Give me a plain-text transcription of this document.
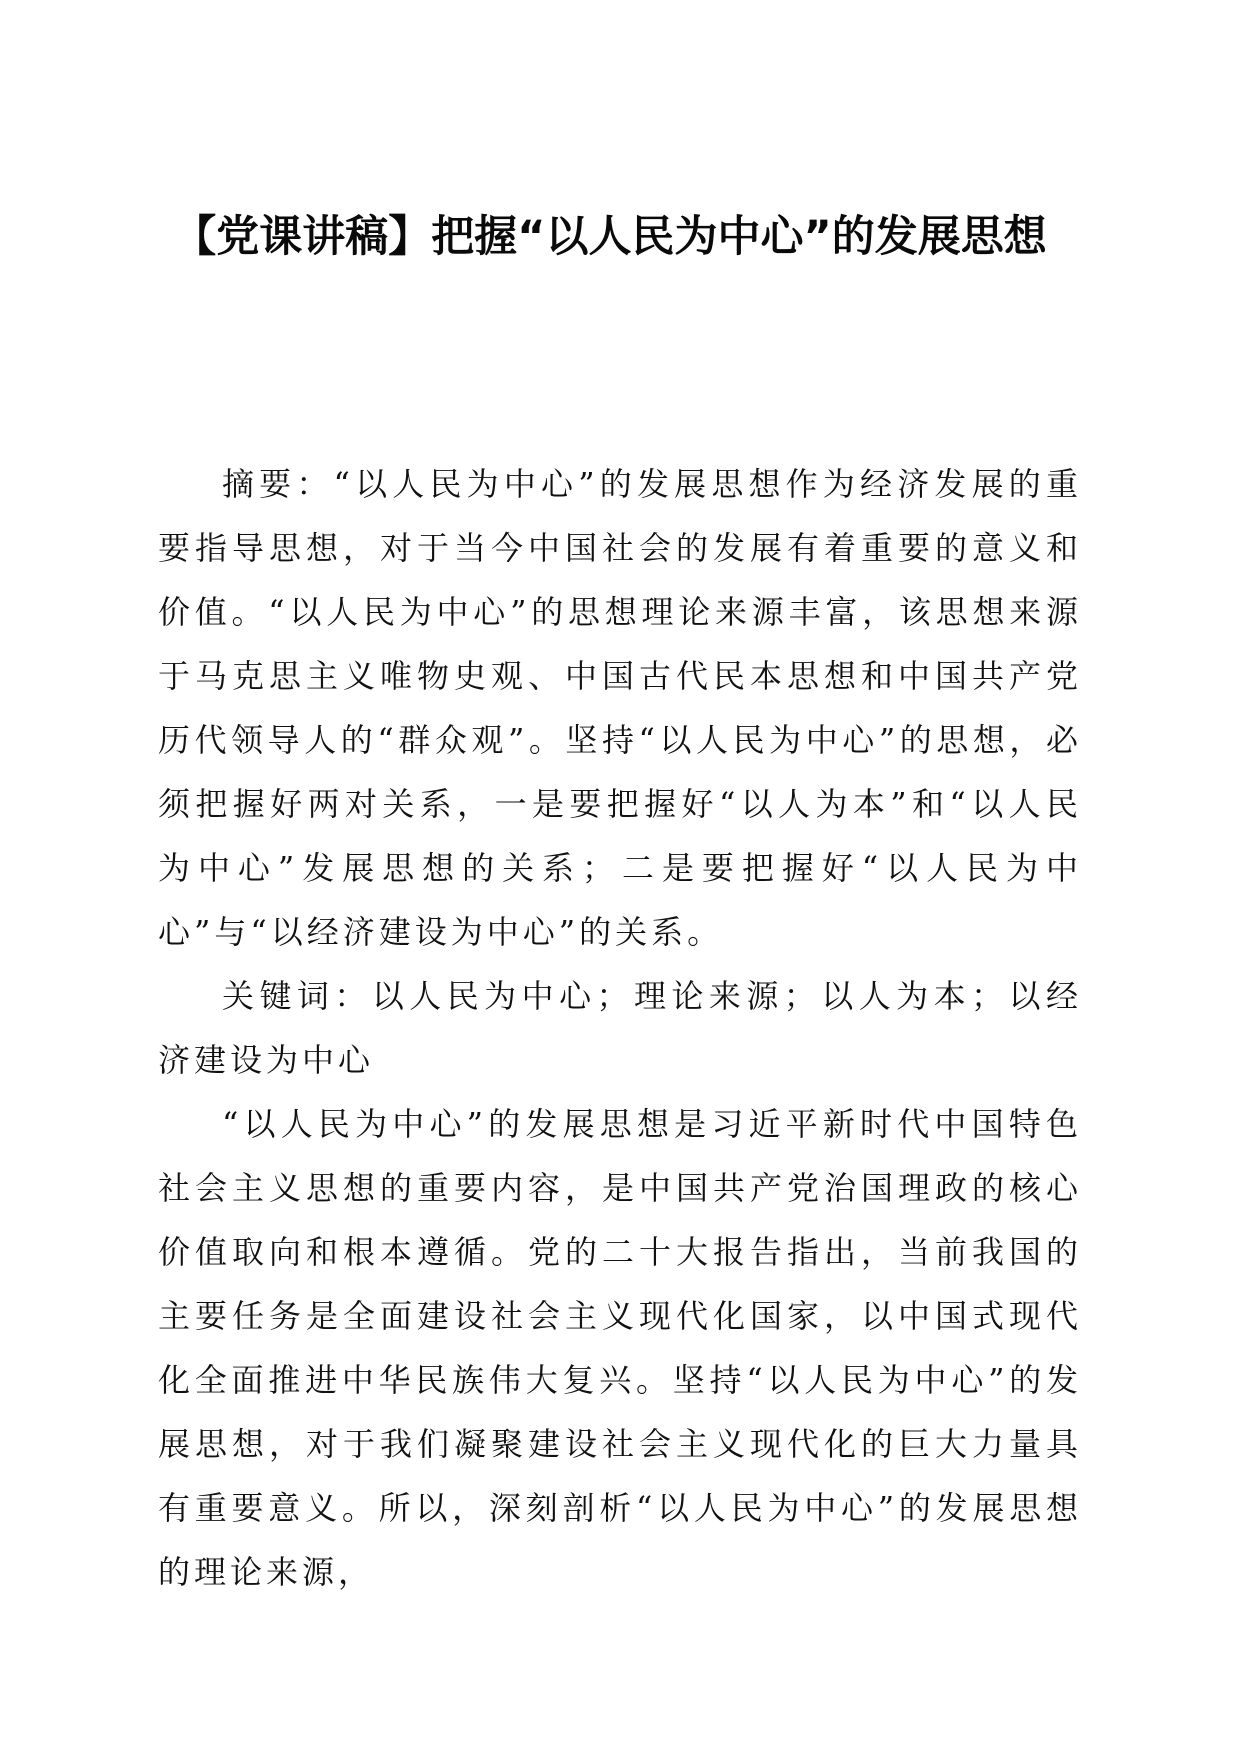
【党课讲稿】把握“以人民为中心”的发展思想

摘要：“以人民为中心”的发展思想作为经济发展的重要指导思想，对于当今中国社会的发展有着重要的意义和价值。“以人民为中心”的思想理论来源丰富，该思想来源于马克思主义唯物史观、中国古代民本思想和中国共产党历代领导人的“群众观”。坚持“以人民为中心”的思想，必须把握好两对关系，一是要把握好“以人为本”和“以人民为中心”发展思想的关系；二是要把握好“以人民为中心”与“以经济建设为中心”的关系。

关键词：以人民为中心；理论来源；以人为本；以经济建设为中心

“以人民为中心”的发展思想是习近平新时代中国特色社会主义思想的重要内容，是中国共产党治国理政的核心价值取向和根本遵循。党的二十大报告指出，当前我国的主要任务是全面建设社会主义现代化国家，以中国式现代化全面推进中华民族伟大复兴。坚持“以人民为中心”的发展思想，对于我们凝聚建设社会主义现代化的巨大力量具有重要意义。所以，深刻剖析“以人民为中心”的发展思想的理论来源，
